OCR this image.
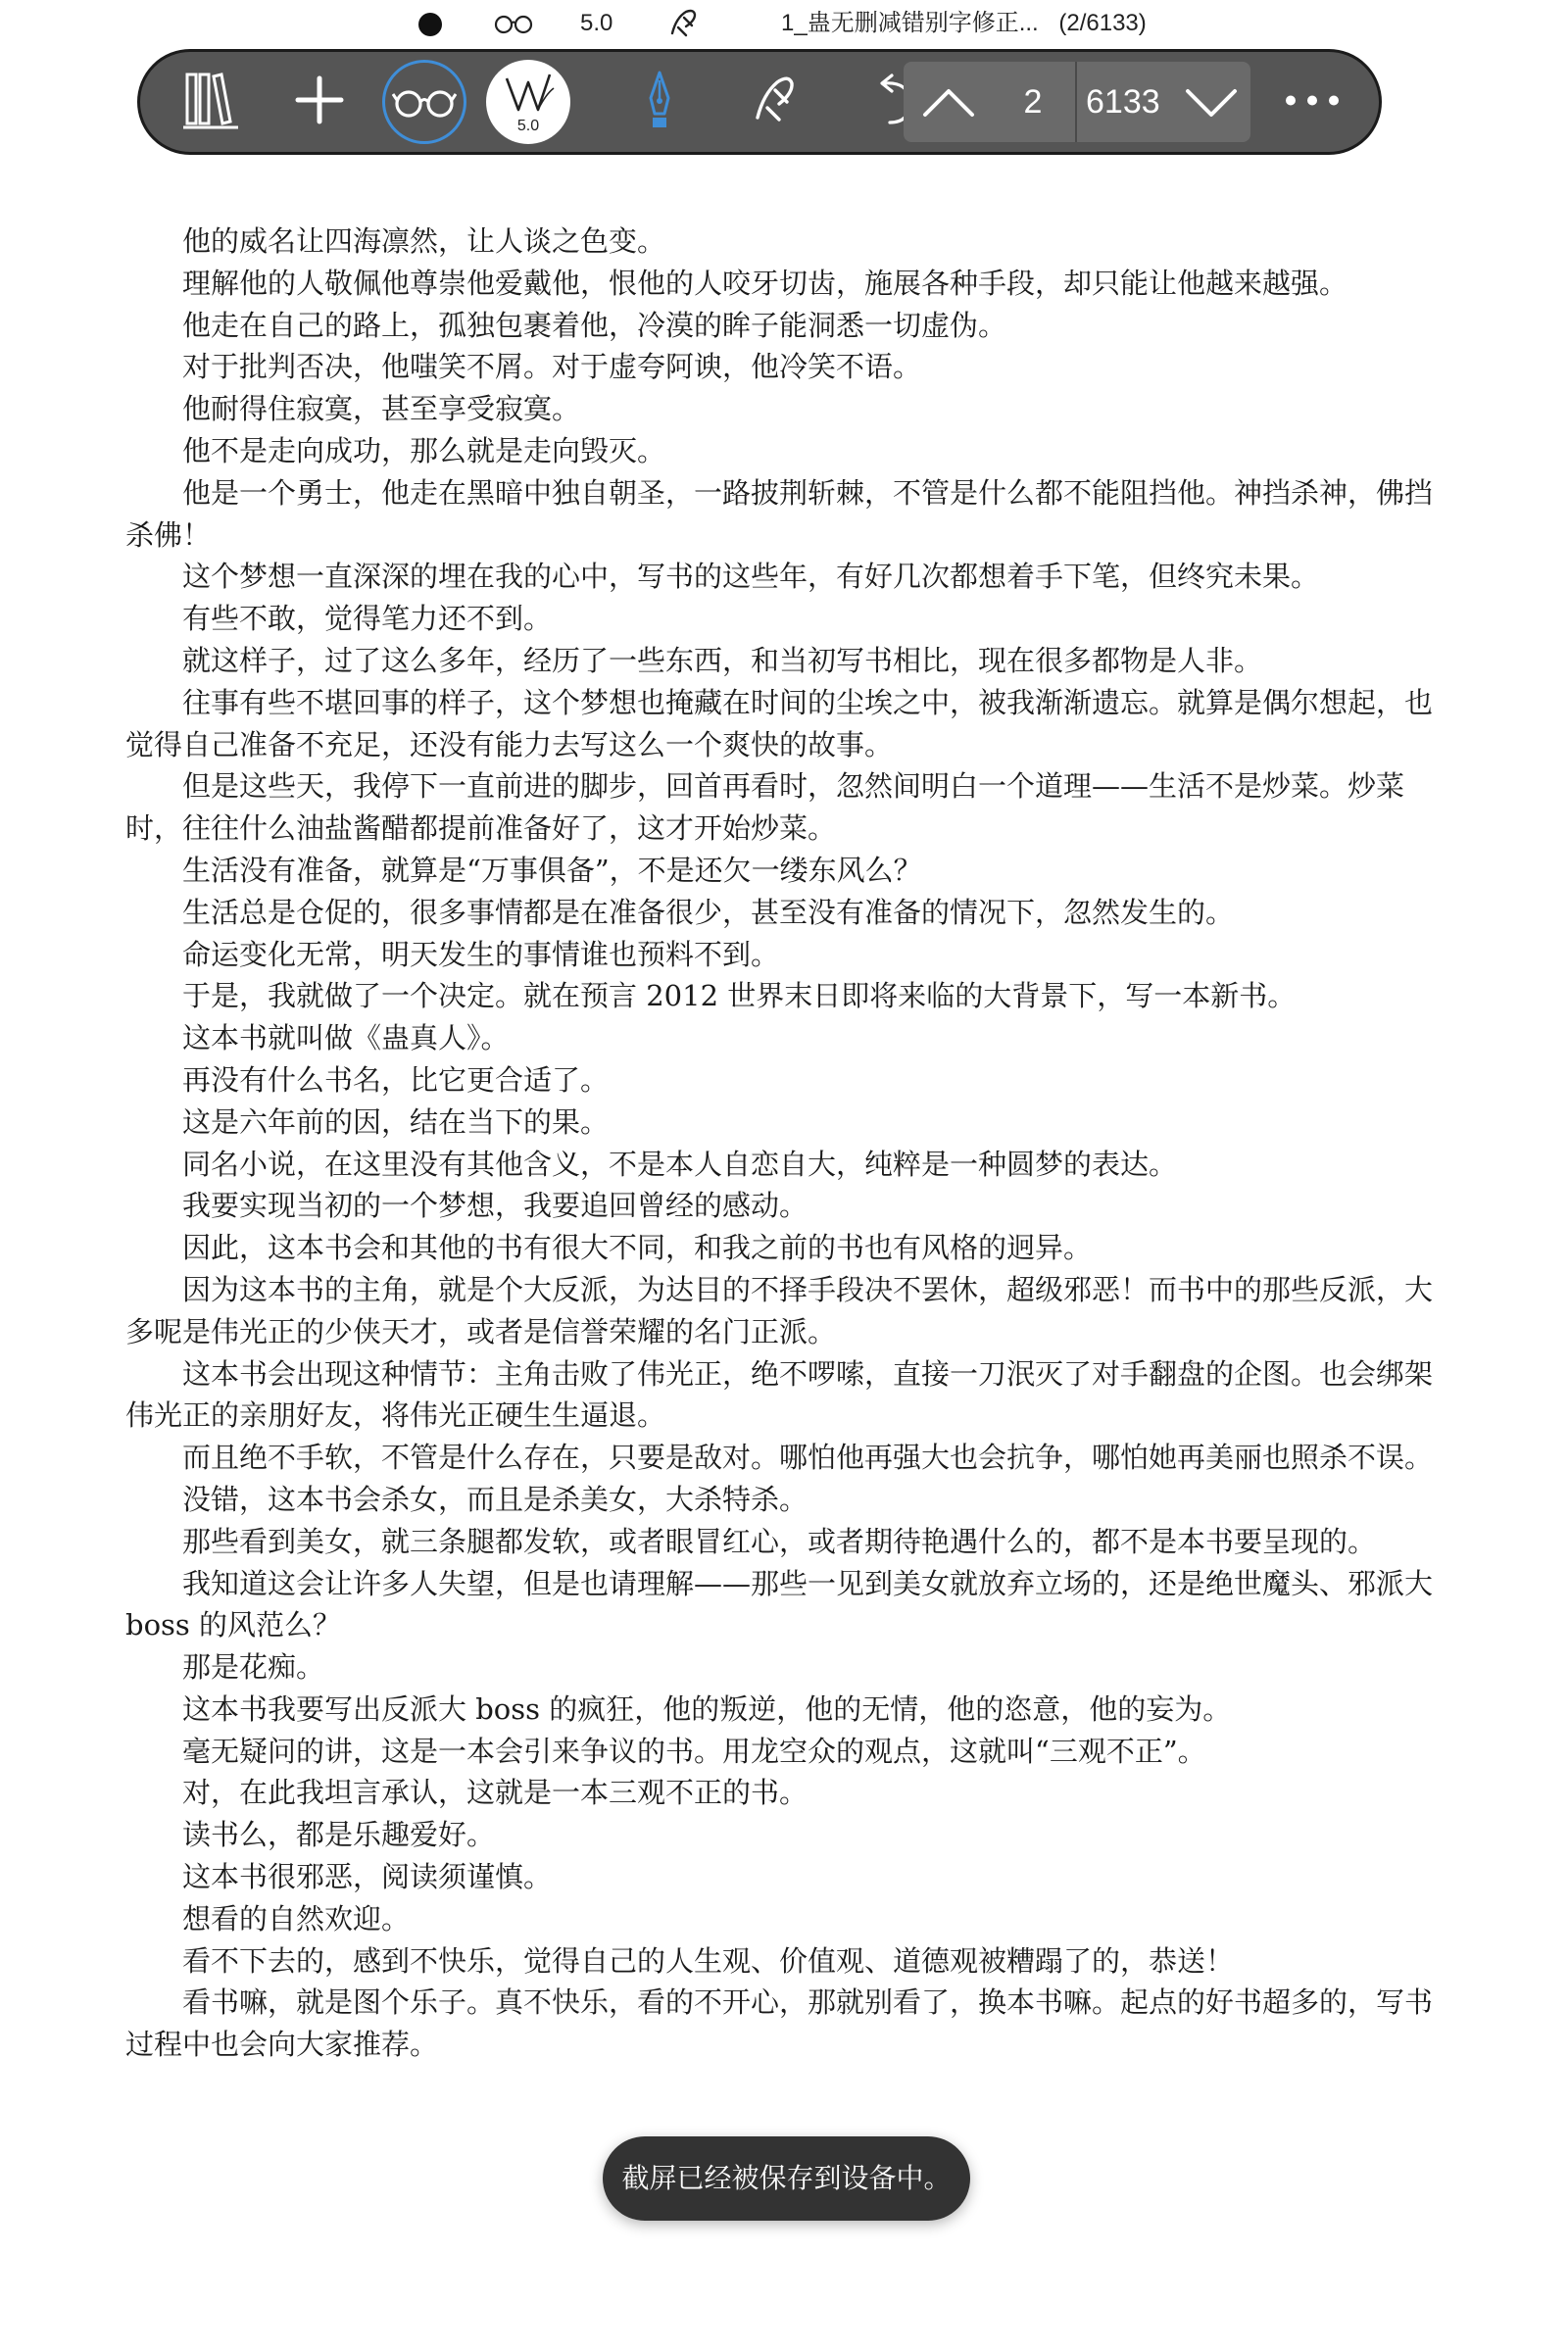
5.0	1_蛊无删减错别字修正... (2/6133)
5.0
2	6133

他的威名让四海凛然，让人谈之色变。

理解他的人敬佩他尊崇他爱戴他，恨他的人咬牙切齿，施展各种手段，却只能让他越来越强。

他走在自己的路上，孤独包裹着他，冷漠的眸子能洞悉一切虚伪。

对于批判否决，他嗤笑不屑。对于虚夸阿谀，他冷笑不语。

他耐得住寂寞，甚至享受寂寞。

他不是走向成功，那么就是走向毁灭。

他是一个勇士，他走在黑暗中独自朝圣，一路披荆斩棘，不管是什么都不能阻挡他。神挡杀神，佛挡杀佛！

这个梦想一直深深的埋在我的心中，写书的这些年，有好几次都想着手下笔，但终究未果。

有些不敢，觉得笔力还不到。

就这样子，过了这么多年，经历了一些东西，和当初写书相比，现在很多都物是人非。

往事有些不堪回事的样子，这个梦想也掩藏在时间的尘埃之中，被我渐渐遗忘。就算是偶尔想起，也觉得自己准备不充足，还没有能力去写这么一个爽快的故事。

但是这些天，我停下一直前进的脚步，回首再看时，忽然间明白一个道理——生活不是炒菜。炒菜时，往往什么油盐酱醋都提前准备好了，这才开始炒菜。

生活没有准备，就算是“万事俱备”，不是还欠一缕东风么？

生活总是仓促的，很多事情都是在准备很少，甚至没有准备的情况下，忽然发生的。

命运变化无常，明天发生的事情谁也预料不到。

于是，我就做了一个决定。就在预言 2012 世界末日即将来临的大背景下，写一本新书。

这本书就叫做《蛊真人》。

再没有什么书名，比它更合适了。

这是六年前的因，结在当下的果。

同名小说，在这里没有其他含义，不是本人自恋自大，纯粹是一种圆梦的表达。

我要实现当初的一个梦想，我要追回曾经的感动。

因此，这本书会和其他的书有很大不同，和我之前的书也有风格的迥异。

因为这本书的主角，就是个大反派，为达目的不择手段决不罢休，超级邪恶！而书中的那些反派，大多呢是伟光正的少侠天才，或者是信誉荣耀的名门正派。

这本书会出现这种情节：主角击败了伟光正，绝不啰嗦，直接一刀泯灭了对手翻盘的企图。也会绑架伟光正的亲朋好友，将伟光正硬生生逼退。

而且绝不手软，不管是什么存在，只要是敌对。哪怕他再强大也会抗争，哪怕她再美丽也照杀不误。

没错，这本书会杀女，而且是杀美女，大杀特杀。

那些看到美女，就三条腿都发软，或者眼冒红心，或者期待艳遇什么的，都不是本书要呈现的。

我知道这会让许多人失望，但是也请理解——那些一见到美女就放弃立场的，还是绝世魔头、邪派大 boss 的风范么？

那是花痴。

这本书我要写出反派大 boss 的疯狂，他的叛逆，他的无情，他的恣意，他的妄为。

毫无疑问的讲，这是一本会引来争议的书。用龙空众的观点，这就叫“三观不正”。

对，在此我坦言承认，这就是一本三观不正的书。

读书么，都是乐趣爱好。

这本书很邪恶，阅读须谨慎。

想看的自然欢迎。

看不下去的，感到不快乐，觉得自己的人生观、价值观、道德观被糟蹋了的，恭送！

看书嘛，就是图个乐子。真不快乐，看的不开心，那就别看了，换本书嘛。起点的好书超多的，写书过程中也会向大家推荐。

截屏已经被保存到设备中。
